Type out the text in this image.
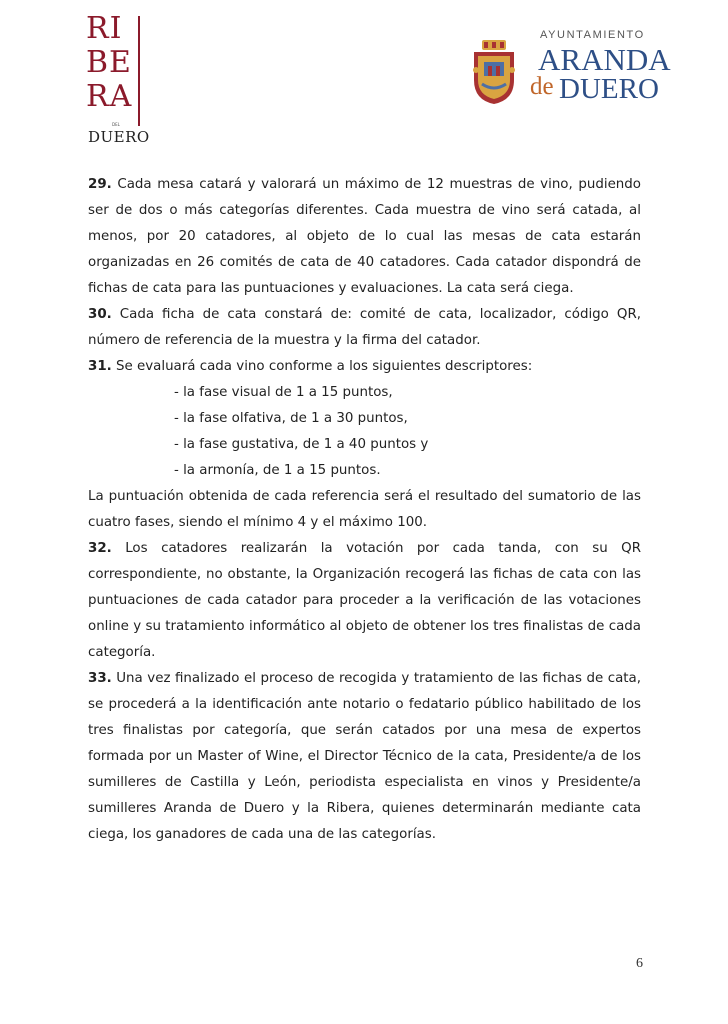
RI
BE
RA
DEL
DUERO
AYUNTAMIENTO
ARANDA
de DUERO

29. Cada mesa catará y valorará un máximo de 12 muestras de vino, pudiendo ser de dos o más categorías diferentes. Cada muestra de vino será catada, al menos, por 20 catadores, al objeto de lo cual las mesas de cata estarán organizadas en 26 comités de cata de 40 catadores. Cada catador dispondrá de fichas de cata para las puntuaciones y evaluaciones. La cata será ciega.

30. Cada ficha de cata constará de: comité de cata, localizador, código QR, número de referencia de la muestra y la firma del catador.

31. Se evaluará cada vino conforme a los siguientes descriptores:

- la fase visual de 1 a 15 puntos,

- la fase olfativa, de 1 a 30 puntos,

- la fase gustativa, de 1 a 40 puntos y

- la armonía, de 1 a 15 puntos.

La puntuación obtenida de cada referencia será el resultado del sumatorio de las cuatro fases, siendo el mínimo 4 y el máximo 100.

32. Los catadores realizarán la votación por cada tanda, con su QR correspondiente, no obstante, la Organización recogerá las fichas de cata con las puntuaciones de cada catador para proceder a la verificación de las votaciones online y su tratamiento informático al objeto de obtener los tres finalistas de cada categoría.

33. Una vez finalizado el proceso de recogida y tratamiento de las fichas de cata, se procederá a la identificación ante notario o fedatario público habilitado de los tres finalistas por categoría, que serán catados por una mesa de expertos formada por un Master of Wine, el Director Técnico de la cata, Presidente/a de los sumilleres de Castilla y León, periodista especialista en vinos y Presidente/a sumilleres Aranda de Duero y la Ribera, quienes determinarán mediante cata ciega, los ganadores de cada una de las categorías.

6
